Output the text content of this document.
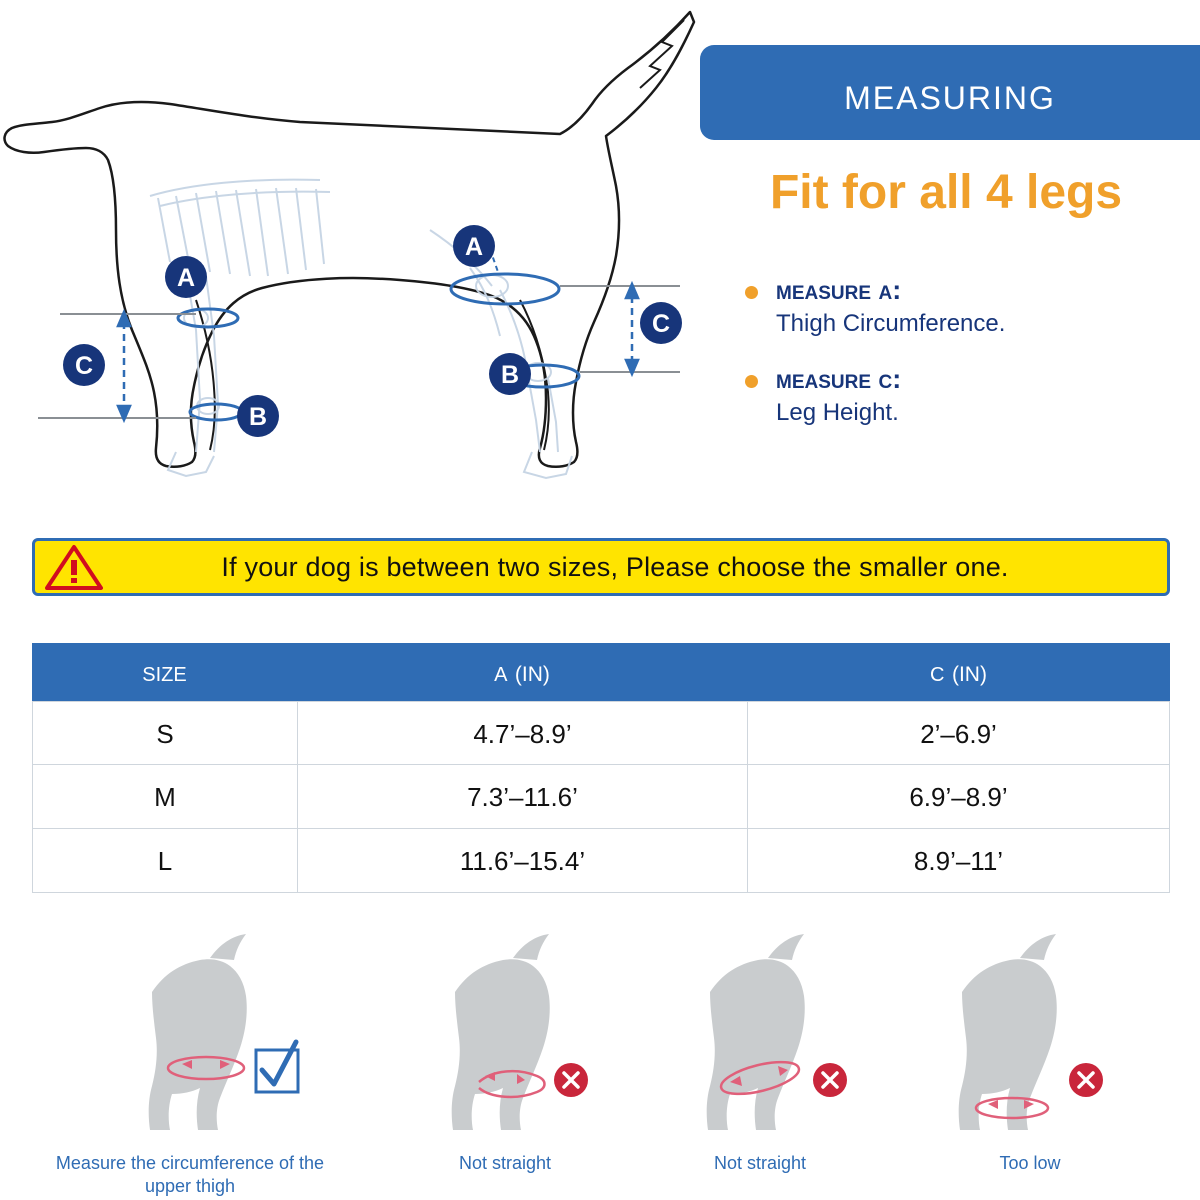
A
B
C
A
B
C
measuring
Fit for all 4 legs
measure a:
Thigh Circumference.
measure c:
Leg Height.
If your dog is between two sizes, Please choose the smaller one.
size	a (IN)	c (IN)
S	4.7’–8.9’	2’–6.9’
M	7.3’–11.6’	6.9’–8.9’
L	11.6’–15.4’	8.9’–11’
Measure the circumference of the upper thigh
Not straight	Not straight	Too low
